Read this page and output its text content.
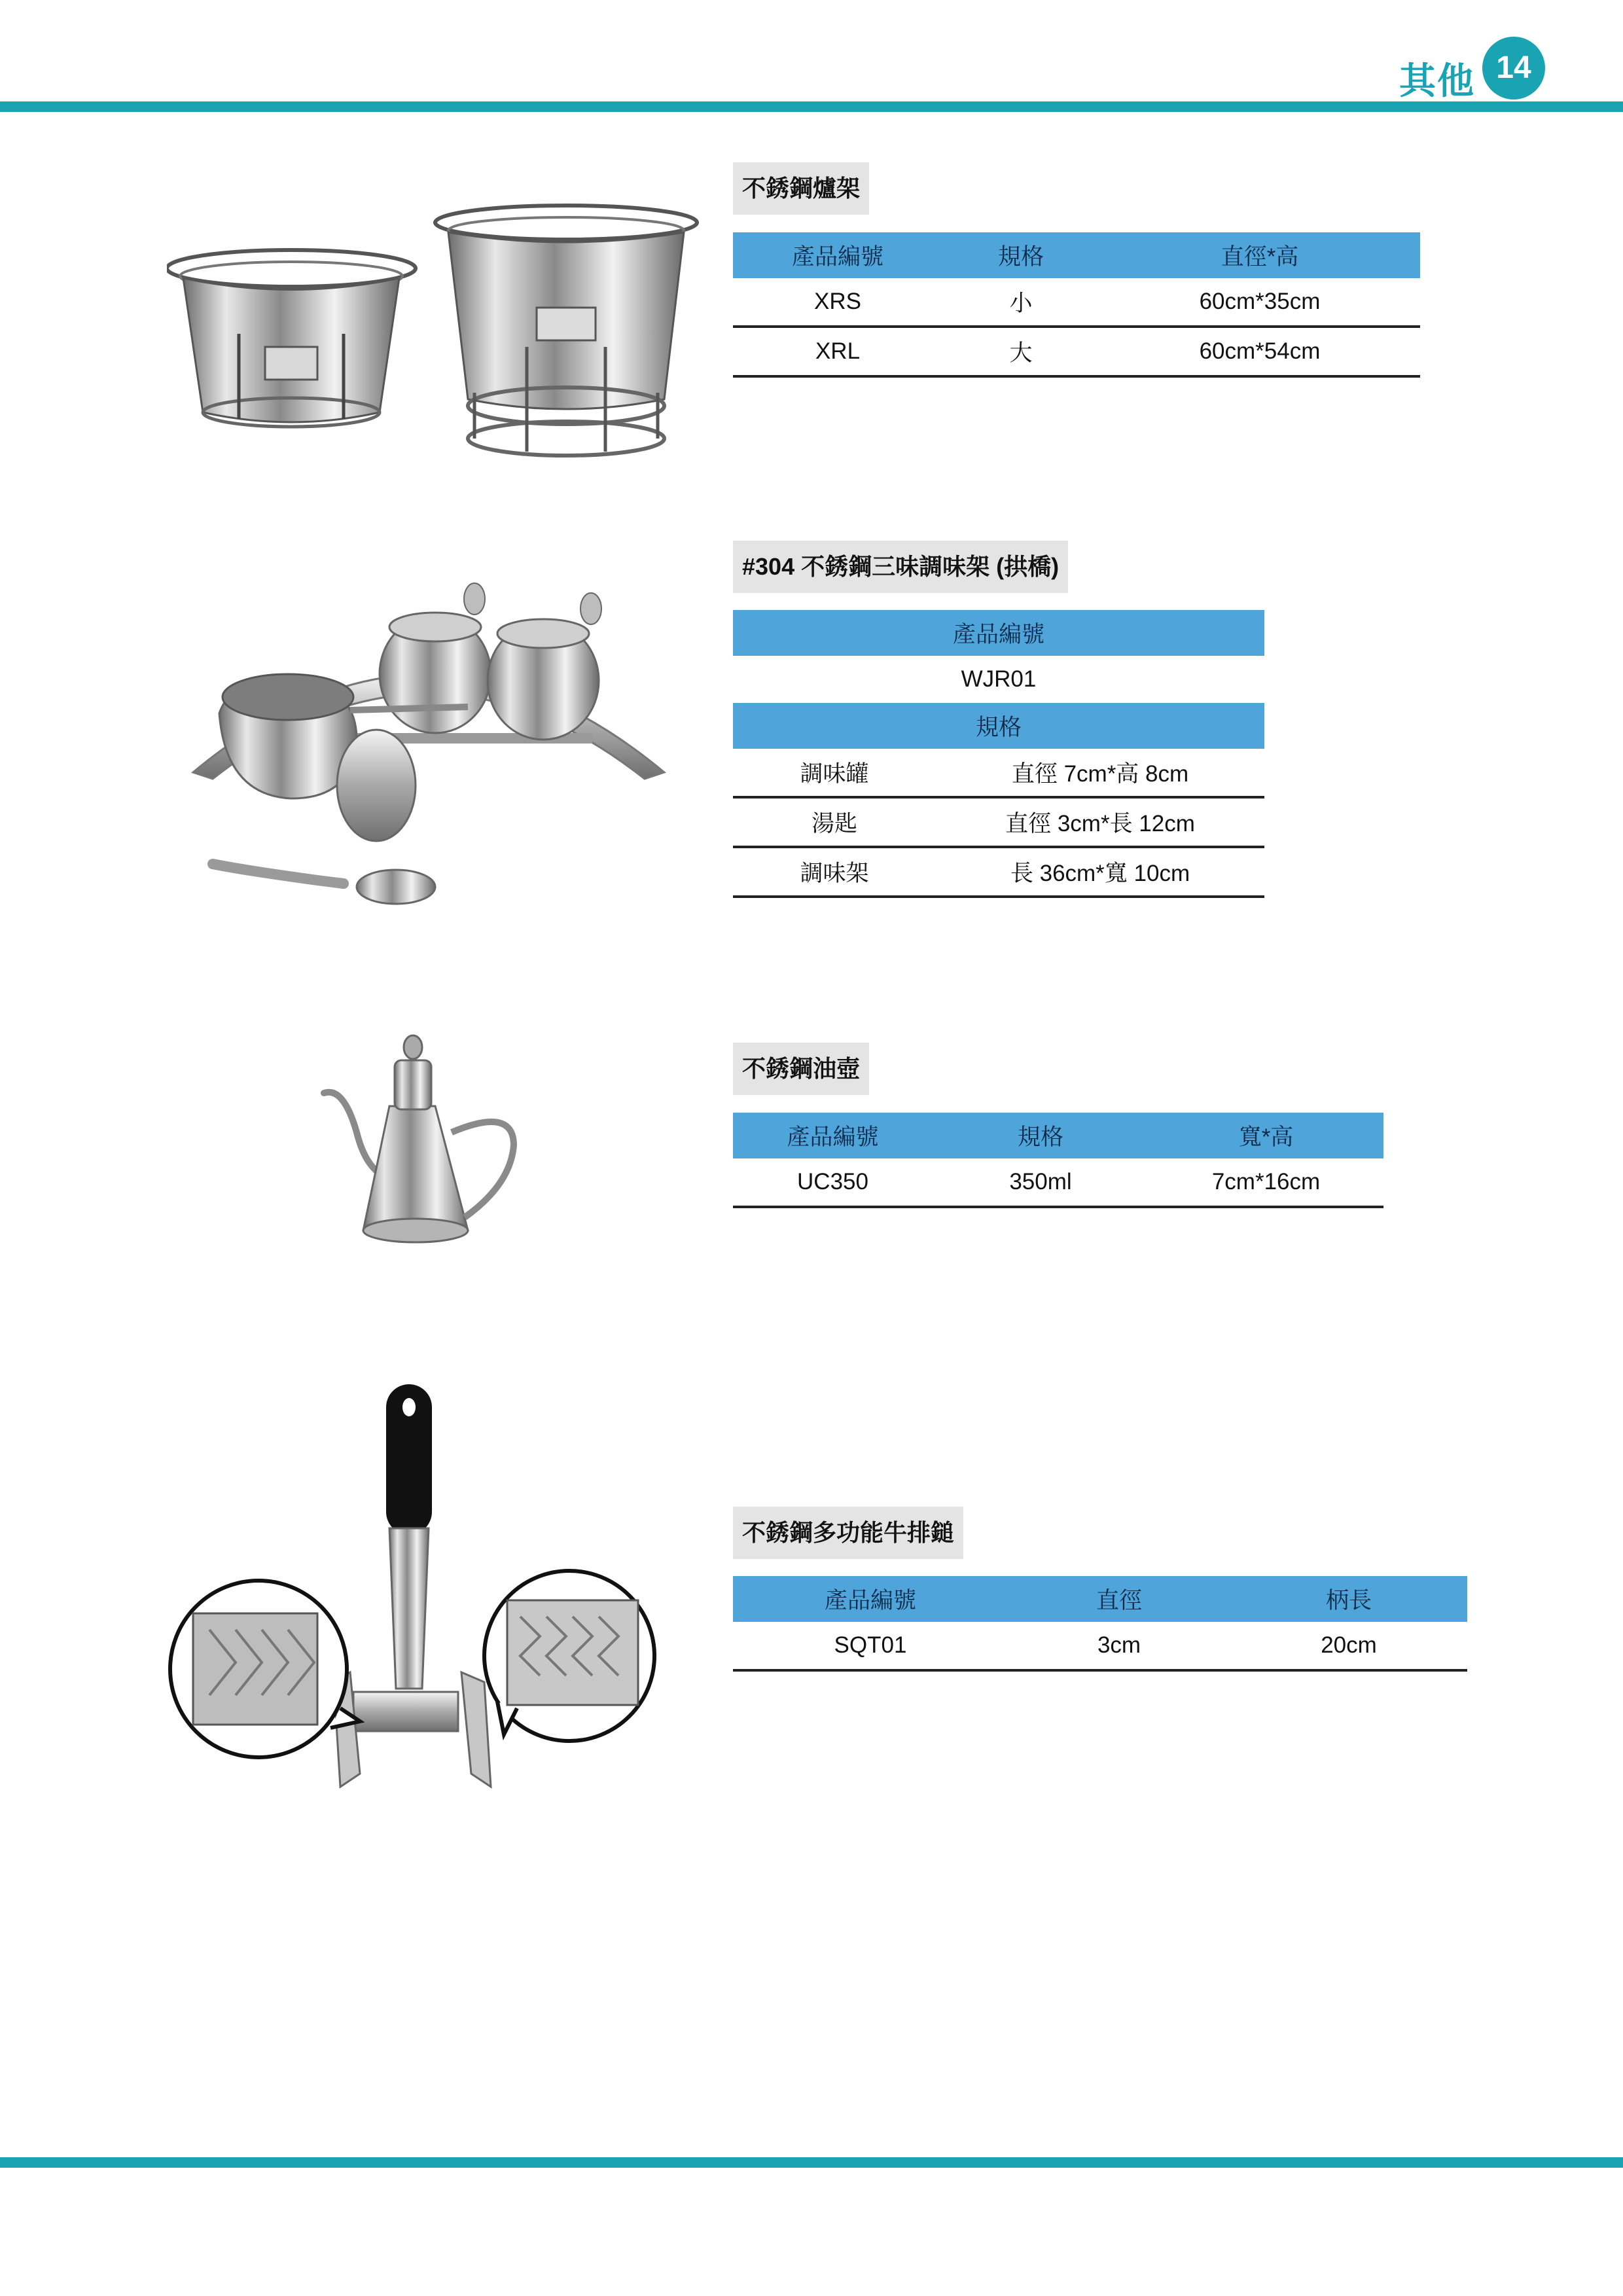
其他 14
不銹鋼爐架
產品編號	規格	直徑*高
XRS	小	60cm*35cm
XRL	大	60cm*54cm
#304 不銹鋼三味調味架 (拱橋)
產品編號	
WJR01	
規格	
調味罐	直徑 7cm*高 8cm
湯匙	直徑 3cm*長 12cm
調味架	長 36cm*寬 10cm
不銹鋼油壺
產品編號	規格	寬*高
UC350	350ml	7cm*16cm
不銹鋼多功能牛排鎚
產品編號	直徑	柄長
SQT01	3cm	20cm
